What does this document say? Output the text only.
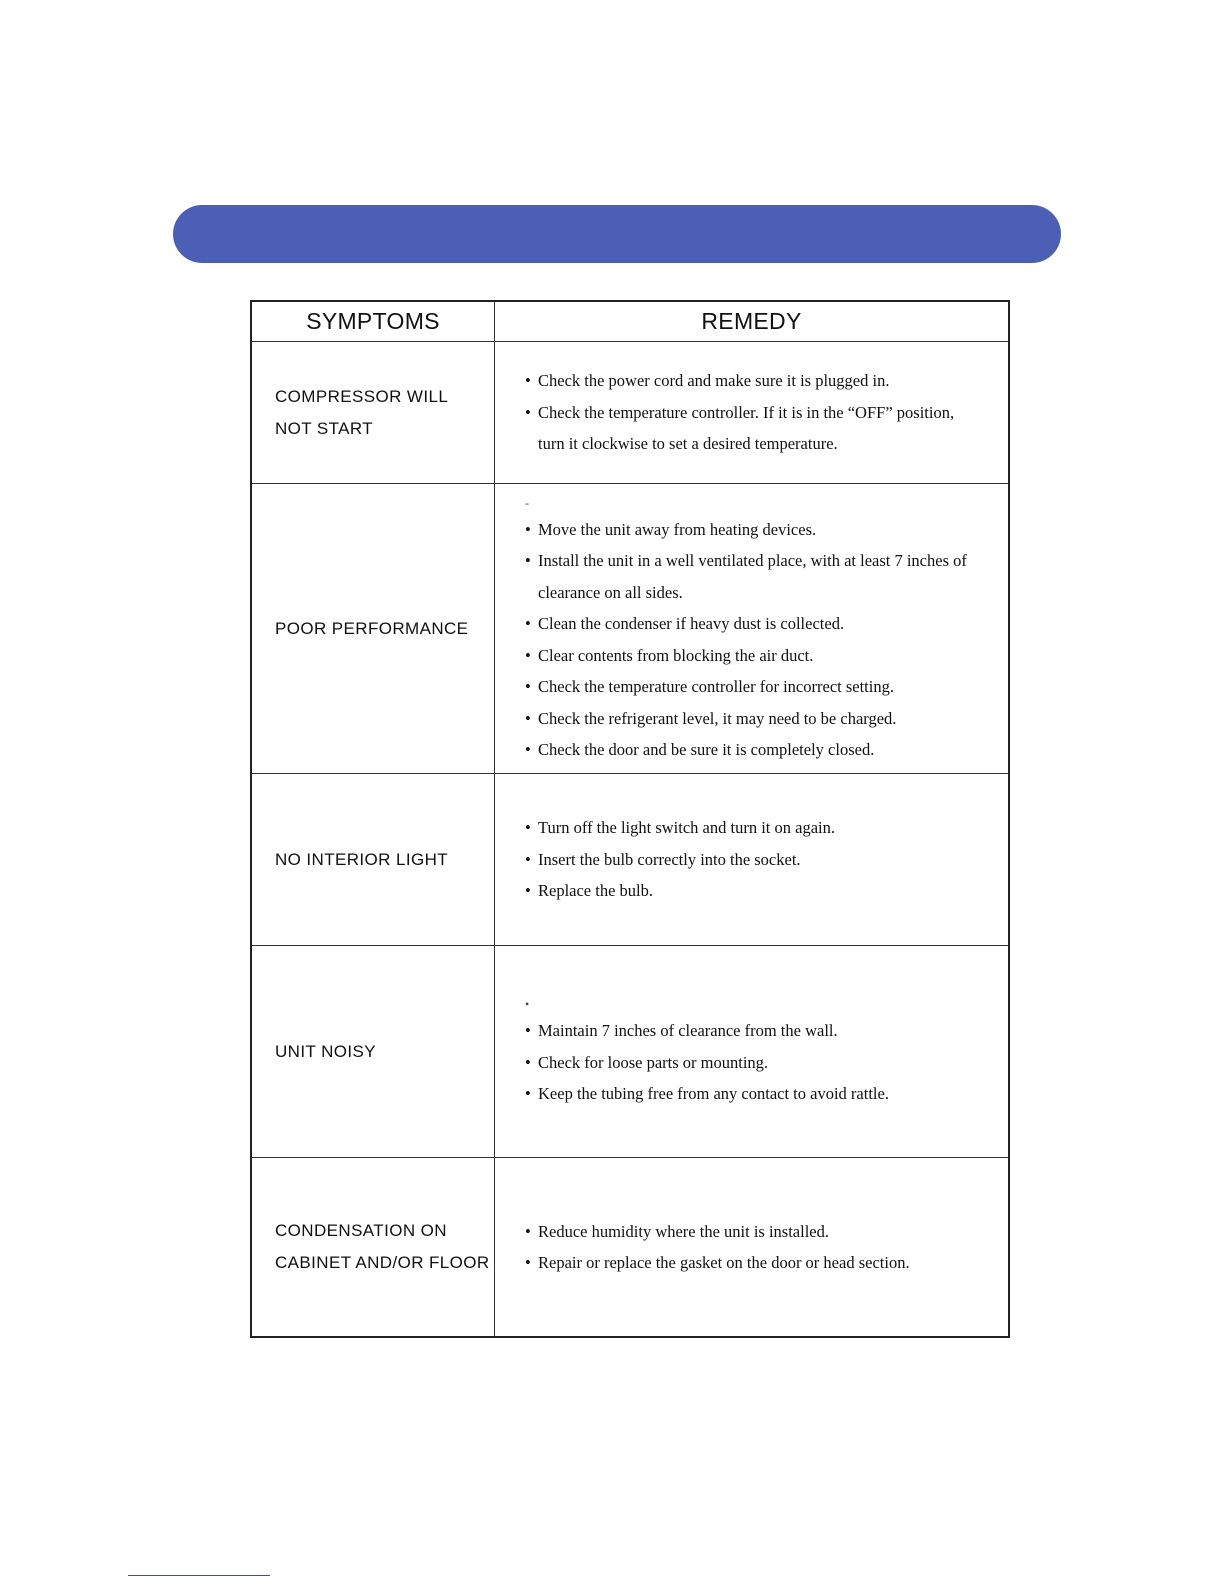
SYMPTOMS	REMEDY
COMPRESSOR WILL
NOT START
• Check the power cord and make sure it is plugged in.
• Check the temperature controller. If it is in the “OFF” position,
turn it clockwise to set a desired temperature.
POOR PERFORMANCE
-
• Move the unit away from heating devices.
• Install the unit in a well ventilated place, with at least 7 inches of
clearance on all sides.
• Clean the condenser if heavy dust is collected.
• Clear contents from blocking the air duct.
• Check the temperature controller for incorrect setting.
• Check the refrigerant level, it may need to be charged.
• Check the door and be sure it is completely closed.
NO INTERIOR LIGHT
• Turn off the light switch and turn it on again.
• Insert the bulb correctly into the socket.
• Replace the bulb.
UNIT NOISY
•
• Maintain 7 inches of clearance from the wall.
• Check for loose parts or mounting.
• Keep the tubing free from any contact to avoid rattle.
CONDENSATION ON
CABINET AND/OR FLOOR
• Reduce humidity where the unit is installed.
• Repair or replace the gasket on the door or head section.
